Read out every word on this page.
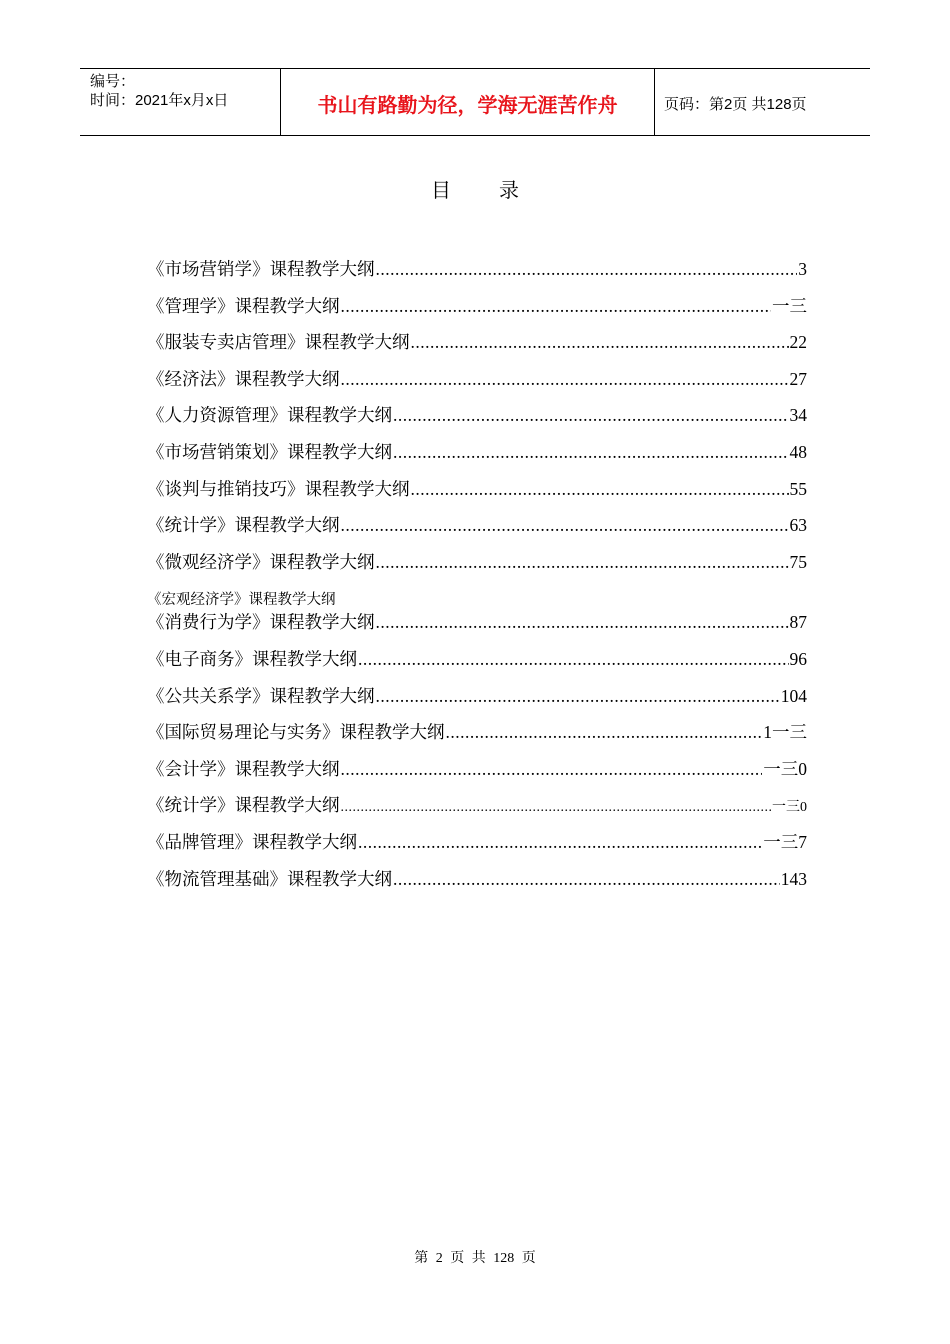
编号：
时间：2021年x月x日	书山有路勤为径，学海无涯苦作舟	页码：第2页 共128页
目录
《市场营销学》课程教学大纲 .....	3
《管理学》课程教学大纲 .....	一三
《服装专卖店管理》课程教学大纲 .....	22
《经济法》课程教学大纲 .....	27
《人力资源管理》课程教学大纲 .....	34
《市场营销策划》课程教学大纲 .....	48
《谈判与推销技巧》课程教学大纲 .....	55
《统计学》课程教学大纲 .....	63
《微观经济学》课程教学大纲 .....	75
《宏观经济学》课程教学大纲
《消费行为学》课程教学大纲 .....	87
《电子商务》课程教学大纲 .....	96
《公共关系学》课程教学大纲 .....	104
《国际贸易理论与实务》课程教学大纲 .....	1一三
《会计学》课程教学大纲 .....	一三0
《统计学》课程教学大纲 .....	一三0
《品牌管理》课程教学大纲 .....	一三7
《物流管理基础》课程教学大纲 .....	143
第 2 页 共 128 页
